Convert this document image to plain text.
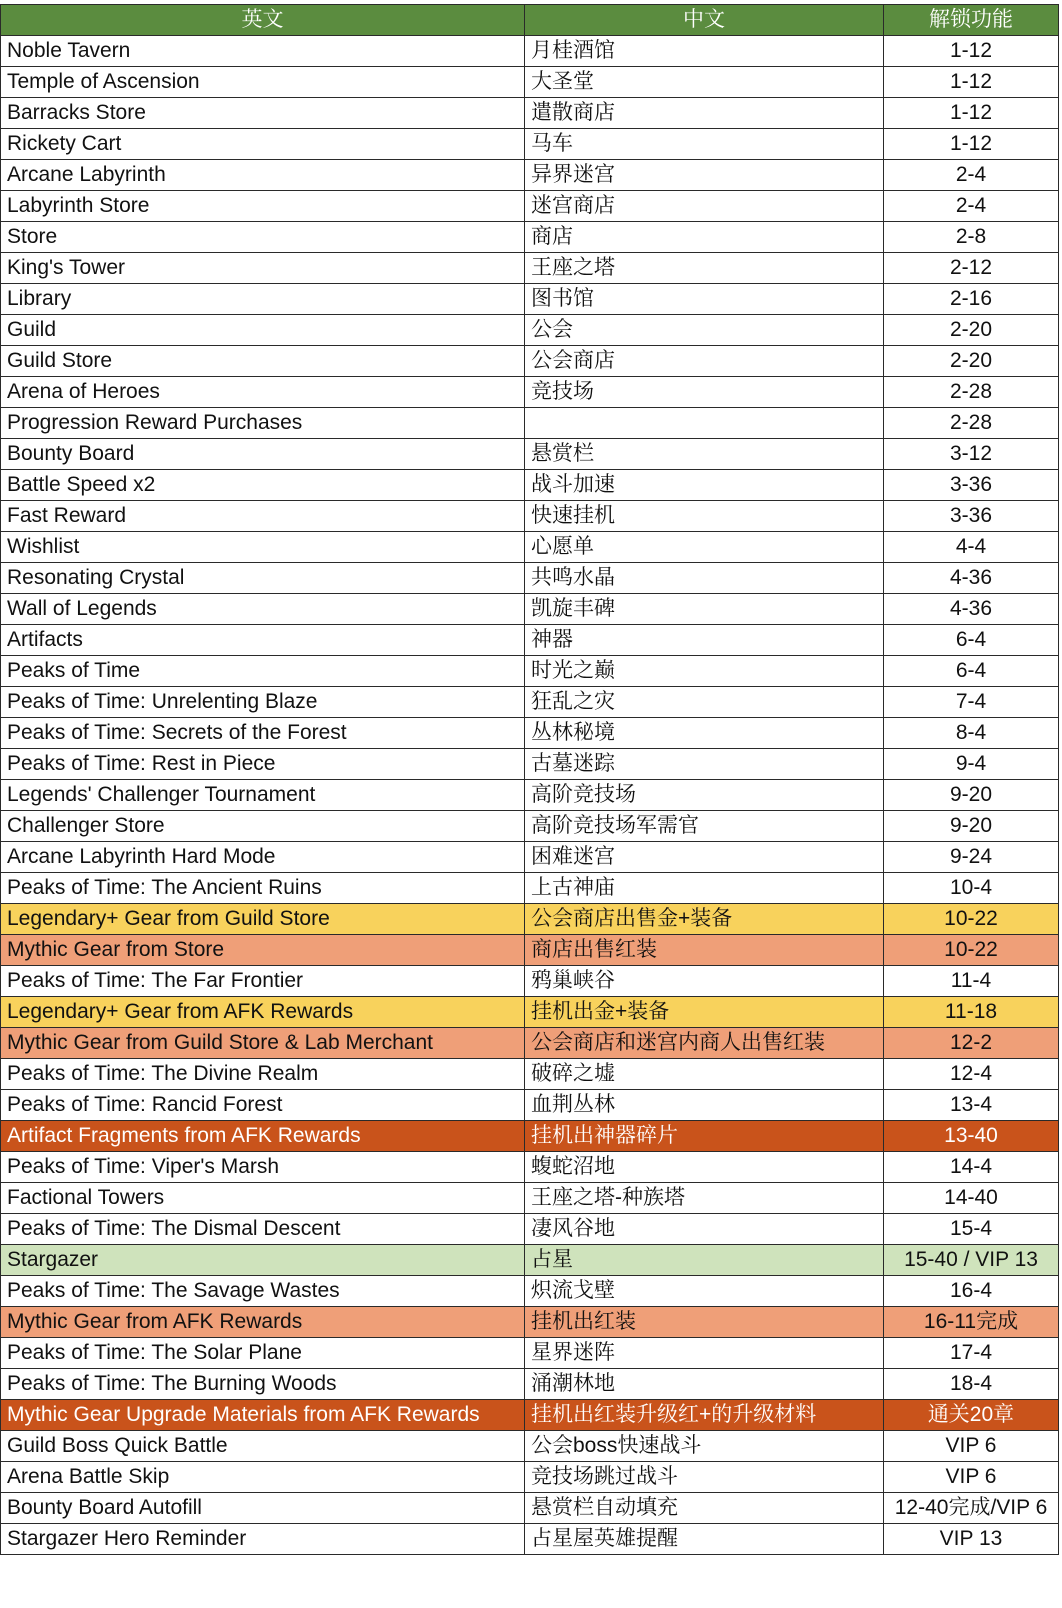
英文	中文	解锁功能
Noble Tavern	月桂酒馆	1-12
Temple of Ascension	大圣堂	1-12
Barracks Store	遣散商店	1-12
Rickety Cart	马车	1-12
Arcane Labyrinth	异界迷宫	2-4
Labyrinth Store	迷宫商店	2-4
Store	商店	2-8
King's Tower	王座之塔	2-12
Library	图书馆	2-16
Guild	公会	2-20
Guild Store	公会商店	2-20
Arena of Heroes	竞技场	2-28
Progression Reward Purchases		2-28
Bounty Board	悬赏栏	3-12
Battle Speed x2	战斗加速	3-36
Fast Reward	快速挂机	3-36
Wishlist	心愿单	4-4
Resonating Crystal	共鸣水晶	4-36
Wall of Legends	凯旋丰碑	4-36
Artifacts	神器	6-4
Peaks of Time	时光之巅	6-4
Peaks of Time: Unrelenting Blaze	狂乱之灾	7-4
Peaks of Time: Secrets of the Forest	丛林秘境	8-4
Peaks of Time: Rest in Piece	古墓迷踪	9-4
Legends' Challenger Tournament	高阶竞技场	9-20
Challenger Store	高阶竞技场军需官	9-20
Arcane Labyrinth Hard Mode	困难迷宫	9-24
Peaks of Time: The Ancient Ruins	上古神庙	10-4
Legendary+ Gear from Guild Store	公会商店出售金+装备	10-22
Mythic Gear from Store	商店出售红装	10-22
Peaks of Time: The Far Frontier	鸦巢峡谷	11-4
Legendary+ Gear from AFK Rewards	挂机出金+装备	11-18
Mythic Gear from Guild Store & Lab Merchant	公会商店和迷宫内商人出售红装	12-2
Peaks of Time: The Divine Realm	破碎之墟	12-4
Peaks of Time: Rancid Forest	血荆丛林	13-4
Artifact Fragments from AFK Rewards	挂机出神器碎片	13-40
Peaks of Time: Viper's Marsh	蝮蛇沼地	14-4
Factional Towers	王座之塔-种族塔	14-40
Peaks of Time: The Dismal Descent	凄风谷地	15-4
Stargazer	占星	15-40 / VIP 13
Peaks of Time: The Savage Wastes	炽流戈壁	16-4
Mythic Gear from AFK Rewards	挂机出红装	16-11完成
Peaks of Time: The Solar Plane	星界迷阵	17-4
Peaks of Time: The Burning Woods	涌潮林地	18-4
Mythic Gear Upgrade Materials from AFK Rewards	挂机出红装升级红+的升级材料	通关20章
Guild Boss Quick Battle	公会boss快速战斗	VIP 6
Arena Battle Skip	竞技场跳过战斗	VIP 6
Bounty Board Autofill	悬赏栏自动填充	12-40完成/VIP 6
Stargazer Hero Reminder	占星屋英雄提醒	VIP 13
